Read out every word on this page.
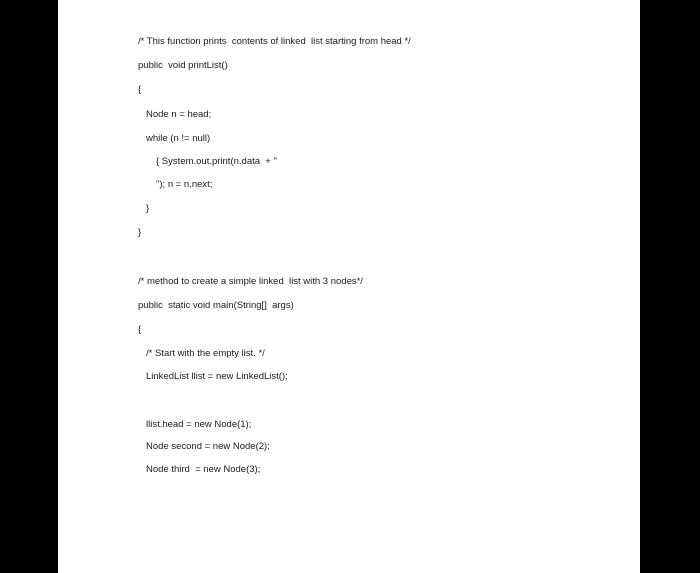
/* This function prints  contents of linked  list starting from head */
public  void printList()
{
Node n = head;
while (n != null)
{ System.out.print(n.data  + "
"); n = n.next;
}
}
/* method to create a simple linked  list with 3 nodes*/
public  static void main(String[]  args)
{
/* Start with the empty list. */
LinkedList llist = new LinkedList();
llist.head = new Node(1);
Node second = new Node(2);
Node third  = new Node(3);
